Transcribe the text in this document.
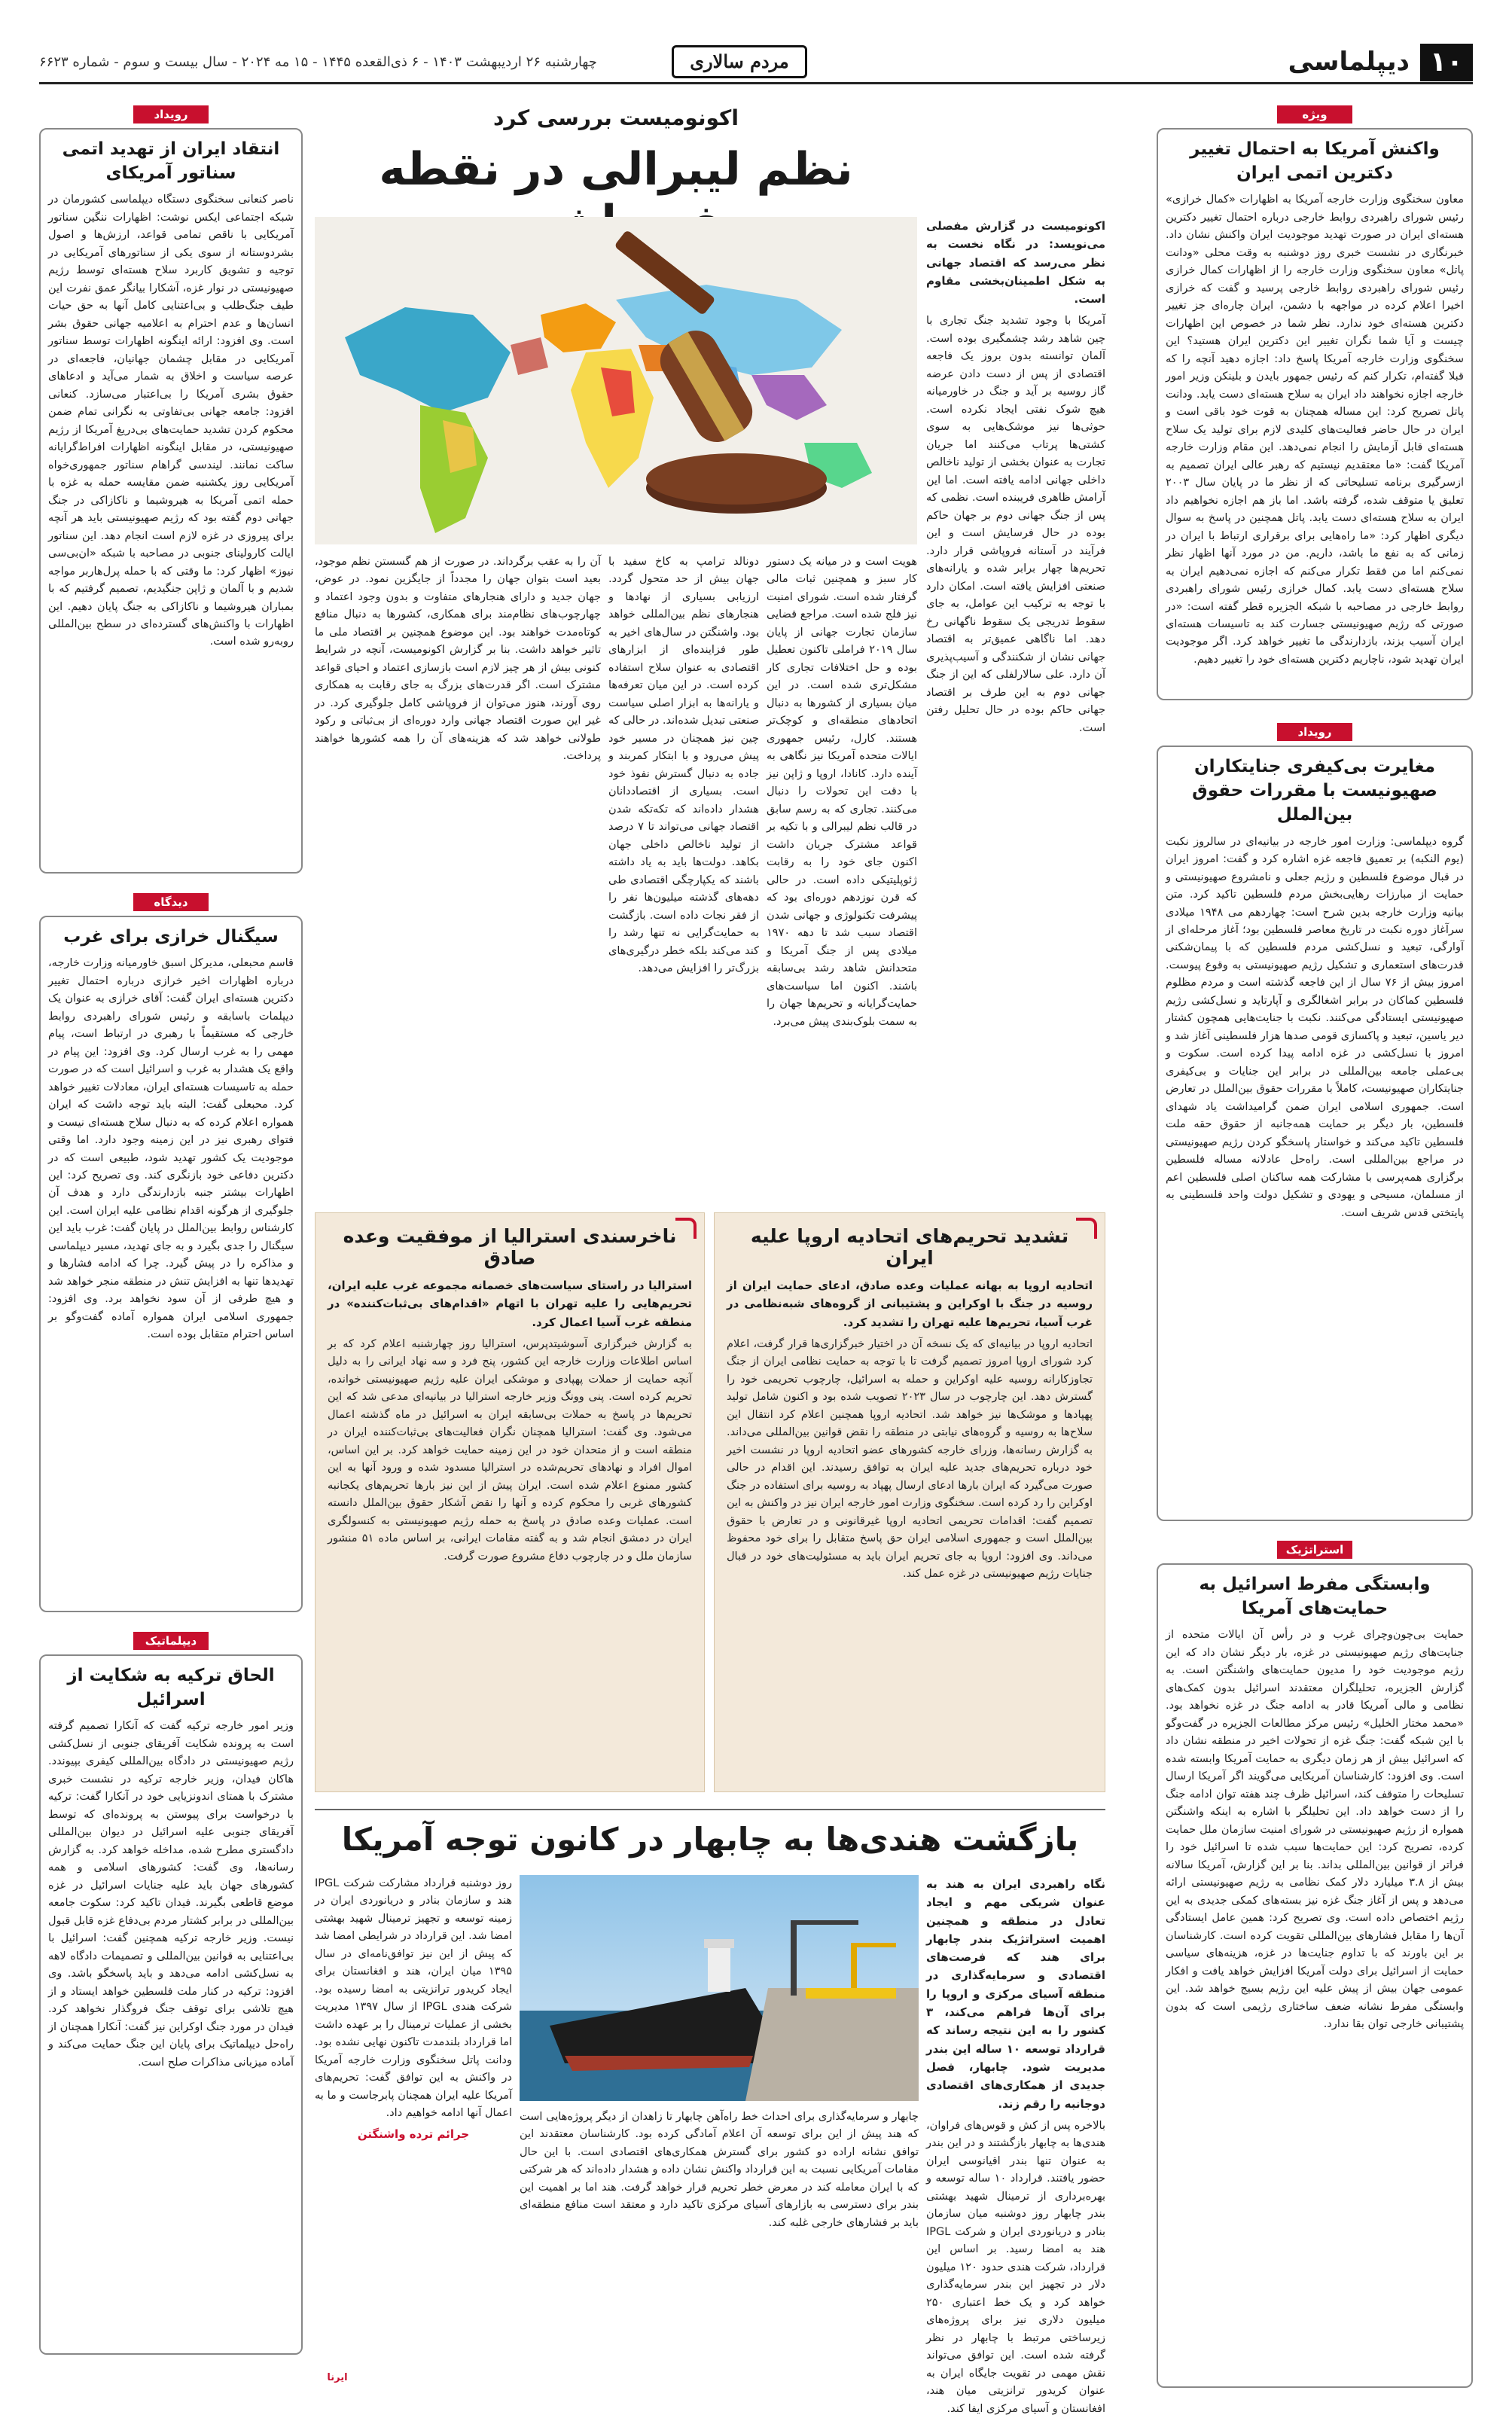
۱۰
دیپلماسی
مردم سالاری
چهارشنبه ۲۶ اردیبهشت ۱۴۰۳ - ۶ ذی‌القعده ۱۴۴۵ - ۱۵ مه ۲۰۲۴ - سال بیست و سوم - شماره ۶۶۲۳
ویژه
واکنش آمریکا به احتمال تغییر دکترین اتمی ایران

معاون سخنگوی وزارت خارجه آمریکا به اظهارات «کمال خرازی» رئیس شورای راهبردی روابط خارجی درباره احتمال تغییر دکترین هسته‌ای ایران در صورت تهدید موجودیت ایران واکنش نشان داد. خبرنگاری در نشست خبری روز دوشنبه به وقت محلی «ودانت پاتل» معاون سخنگوی وزارت خارجه را از اظهارات کمال خرازی رئیس شورای راهبردی روابط خارجی پرسید و گفت که خرازی اخیرا اعلام کرده در مواجهه با دشمن، ایران چاره‌ای جز تغییر دکترین هسته‌ای خود ندارد. نظر شما در خصوص این اظهارات چیست و آیا شما نگران تغییر این دکترین ایران هستید؟ این سخنگوی وزارت خارجه آمریکا پاسخ داد: اجازه دهید آنچه را که قبلا گفته‌ام، تکرار کنم که رئیس جمهور بایدن و بلینکن وزیر امور خارجه اجازه نخواهند داد ایران به سلاح هسته‌ای دست یابد. ودانت پاتل تصریح کرد: این مساله همچنان به قوت خود باقی است و ایران در حال حاضر فعالیت‌های کلیدی لازم برای تولید یک سلاح هسته‌ای قابل آزمایش را انجام نمی‌دهد. این مقام وزارت خارجه آمریکا گفت: «ما معتقدیم نیستیم که رهبر عالی ایران تصمیم به ازسرگیری برنامه تسلیحاتی که از نظر ما در پایان سال ۲۰۰۳ تعلیق یا متوقف شده، گرفته باشد. اما باز هم اجازه نخواهیم داد ایران به سلاح هسته‌ای دست یابد. پاتل همچنین در پاسخ به سوال دیگری اظهار کرد: «ما راه‌هایی برای برقراری ارتباط با ایران در زمانی که به نفع ما باشد، داریم. من در مورد آنها اظهار نظر نمی‌کنم اما من فقط تکرار می‌کنم که اجازه نمی‌دهیم ایران به سلاح هسته‌ای دست یابد. کمال خرازی رئیس شورای راهبردی روابط خارجی در مصاحبه با شبکه الجزیره قطر گفته است: «در صورتی که رژیم صهیونیستی جسارت کند به تاسیسات هسته‌ای ایران آسیب بزند، بازدارندگی ما تغییر خواهد کرد. اگر موجودیت ایران تهدید شود، ناچاریم دکترین هسته‌ای خود را تغییر دهیم.

رویداد
مغایرت بی‌کیفری جنایتکاران صهیونیست با مقررات حقوق بین‌الملل

گروه دیپلماسی: وزارت امور خارجه در بیانیه‌ای در سالروز نکبت (یوم النکبه) بر تعمیق فاجعه غزه اشاره کرد و گفت: امروز ایران در قبال موضوع فلسطین و رژیم جعلی و نامشروع صهیونیستی و حمایت از مبارزات رهایی‌بخش مردم فلسطین تاکید کرد. متن بیانیه وزارت خارجه بدین شرح است: چهاردهم می ۱۹۴۸ میلادی سرآغاز دوره نکبت در تاریخ معاصر فلسطین بود؛ آغاز مرحله‌ای از آوارگی، تبعید و نسل‌کشی مردم فلسطین که با پیمان‌شکنی قدرت‌های استعماری و تشکیل رژیم صهیونیستی به وقوع پیوست. امروز بیش از ۷۶ سال از این فاجعه گذشته است و مردم مظلوم فلسطین کماکان در برابر اشغالگری و آپارتاید و نسل‌کشی رژیم صهیونیستی ایستادگی می‌کنند. نکبت با جنایت‌هایی همچون کشتار دیر یاسین، تبعید و پاکسازی قومی صدها هزار فلسطینی آغاز شد و امروز با نسل‌کشی در غزه ادامه پیدا کرده است. سکوت و بی‌عملی جامعه بین‌المللی در برابر این جنایات و بی‌کیفری جنایتکاران صهیونیست، کاملاً با مقررات حقوق بین‌الملل در تعارض است. جمهوری اسلامی ایران ضمن گرامیداشت یاد شهدای فلسطین، بار دیگر بر حمایت همه‌جانبه از حقوق حقه ملت فلسطین تاکید می‌کند و خواستار پاسخگو کردن رژیم صهیونیستی در مراجع بین‌المللی است. راه‌حل عادلانه مساله فلسطین برگزاری همه‌پرسی با مشارکت همه ساکنان اصلی فلسطین اعم از مسلمان، مسیحی و یهودی و تشکیل دولت واحد فلسطینی به پایتختی قدس شریف است.

استراتژیک
وابستگی مفرط اسرائیل به حمایت‌های آمریکا

حمایت بی‌چون‌وچرای غرب و در رأس آن ایالات متحده از جنایت‌های رژیم صهیونیستی در غزه، بار دیگر نشان داد که این رژیم موجودیت خود را مدیون حمایت‌های واشنگتن است. به گزارش الجزیره، تحلیلگران معتقدند اسرائیل بدون کمک‌های نظامی و مالی آمریکا قادر به ادامه جنگ در غزه نخواهد بود. «محمد مختار الخلیل» رئیس مرکز مطالعات الجزیره در گفت‌وگو با این شبکه گفت: جنگ غزه از تحولات اخیر در منطقه نشان داد که اسرائیل بیش از هر زمان دیگری به حمایت آمریکا وابسته شده است. وی افزود: کارشناسان آمریکایی می‌گویند اگر آمریکا ارسال تسلیحات را متوقف کند، اسرائیل ظرف چند هفته توان ادامه جنگ را از دست خواهد داد. این تحلیلگر با اشاره به اینکه واشنگتن همواره از رژیم صهیونیستی در شورای امنیت سازمان ملل حمایت کرده، تصریح کرد: این حمایت‌ها سبب شده تا اسرائیل خود را فراتر از قوانین بین‌المللی بداند. بنا بر این گزارش، آمریکا سالانه بیش از ۳.۸ میلیارد دلار کمک نظامی به رژیم صهیونیستی ارائه می‌دهد و پس از آغاز جنگ غزه نیز بسته‌های کمکی جدیدی به این رژیم اختصاص داده است. وی تصریح کرد: همین عامل ایستادگی آن‌ها را مقابل فشارهای بین‌المللی تقویت کرده است. کارشناسان بر این باورند که با تداوم جنایت‌ها در غزه، هزینه‌های سیاسی حمایت از اسرائیل برای دولت آمریکا افزایش خواهد یافت و افکار عمومی جهان بیش از پیش علیه این رژیم بسیج خواهد شد. این وابستگی مفرط نشانه ضعف ساختاری رژیمی است که بدون پشتیبانی خارجی توان بقا ندارد.

اکونومیست بررسی کرد
نظم لیبرالی در نقطه

اکونومیست در گزارش مفصلی می‌نویسد: در نگاه نخست به نظر می‌رسد که اقتصاد جهانی به شکل اطمینان‌بخشی مقاوم است.

آمریکا با وجود تشدید جنگ تجاری با چین شاهد رشد چشمگیری بوده است. آلمان توانسته بدون بروز یک فاجعه اقتصادی از پس از دست دادن عرضه گاز روسیه بر آید و جنگ در خاورمیانه هیچ شوک نفتی ایجاد نکرده است. حوثی‌ها نیز موشک‌هایی به سوی کشتی‌ها پرتاب می‌کنند اما جریان تجارت به عنوان بخشی از تولید ناخالص داخلی جهانی ادامه یافته است. اما این آرامش ظاهری فریبنده است. نظمی که پس از جنگ جهانی دوم بر جهان حاکم بوده در حال فرسایش است و این فرآیند در آستانه فروپاشی قرار دارد. تحریم‌ها چهار برابر شده و یارانه‌های صنعتی افزایش یافته است. امکان دارد با توجه به ترکیب این عوامل، به جای سقوط تدریجی یک سقوط ناگهانی رخ دهد. اما ناگاهی عمیق‌تر به اقتصاد جهانی نشان از شکنندگی و آسیب‌پذیری آن دارد. علی سالارلفلی که این از جنگ جهانی دوم به این طرف بر اقتصاد جهانی حاکم بوده در حال تحلیل رفتن است.

هویت است و در میانه یک دستور کار سبز و همچنین ثبات مالی گرفتار شده است. شورای امنیت نیز فلج شده است. مراجع قضایی سازمان تجارت جهانی از پایان سال ۲۰۱۹ فراملی تاکنون تعطیل بوده و حل اختلافات تجاری کار مشکل‌تری شده است. در این میان بسیاری از کشورها به دنبال اتحادهای منطقه‌ای و کوچک‌تر هستند. کارل، رئیس جمهوری ایالات متحده آمریکا نیز نگاهی به آینده دارد. کانادا، اروپا و ژاپن نیز با دقت این تحولات را دنبال می‌کنند. تجاری که به رسم سابق در قالب نظم لیبرالی و با تکیه بر قواعد مشترک جریان داشت اکنون جای خود را به رقابت ژئوپلیتیکی داده است. در حالی که قرن نوزدهم دوره‌ای بود که پیشرفت تکنولوژی و جهانی شدن اقتصاد سبب شد تا دهه ۱۹۷۰ میلادی پس از جنگ آمریکا و متحدانش شاهد رشد بی‌سابقه باشند. اکنون اما سیاست‌های حمایت‌گرایانه و تحریم‌ها جهان را به سمت بلوک‌بندی پیش می‌برد.

دونالد ترامپ به کاخ سفید با جهان بیش از حد متحول گردد. ارزیابی بسیاری از نهادها و هنجارهای نظم بین‌المللی خواهد بود. واشنگتن در سال‌های اخیر به طور فزاینده‌ای از ابزارهای اقتصادی به عنوان سلاح استفاده کرده است. در این میان تعرفه‌ها و یارانه‌ها به ابزار اصلی سیاست صنعتی تبدیل شده‌اند. در حالی که چین نیز همچنان در مسیر خود پیش می‌رود و با ابتکار کمربند و جاده به دنبال گسترش نفوذ خود است. بسیاری از اقتصاددانان هشدار داده‌اند که تکه‌تکه شدن اقتصاد جهانی می‌تواند تا ۷ درصد از تولید ناخالص داخلی جهان بکاهد. دولت‌ها باید به یاد داشته باشند که یکپارچگی اقتصادی طی دهه‌های گذشته میلیون‌ها نفر را از فقر نجات داده است. بازگشت به حمایت‌گرایی نه تنها رشد را کند می‌کند بلکه خطر درگیری‌های بزرگ‌تر را افزایش می‌دهد.

آن را به عقب برگرداند. در صورت از هم گسستن نظم موجود، بعید است بتوان جهان را مجدداً از جایگزین نمود. در عوض، جهان جدید و دارای هنجارهای متفاوت و بدون وجود اعتماد و چهارچوب‌های نظام‌مند برای همکاری، کشورها به دنبال منافع کوتاه‌مدت خواهند بود. این موضوع همچنین بر اقتصاد ملی ما تاثیر خواهد داشت. بنا بر گزارش اکونومیست، آنچه در شرایط کنونی بیش از هر چیز لازم است بازسازی اعتماد و احیای قواعد مشترک است. اگر قدرت‌های بزرگ به جای رقابت به همکاری روی آورند، هنوز می‌توان از فروپاشی کامل جلوگیری کرد. در غیر این صورت اقتصاد جهانی وارد دوره‌ای از بی‌ثباتی و رکود طولانی خواهد شد که هزینه‌های آن را همه کشورها خواهند پرداخت.

تشدید تحریم‌های اتحادیه اروپا علیه ایران

اتحادیه اروپا به بهانه عملیات وعده صادق، ادعای حمایت ایران از روسیه در جنگ با اوکراین و پشتیبانی از گروه‌های شبه‌نظامی در غرب آسیا، تحریم‌ها علیه تهران را تشدید کرد.

اتحادیه اروپا در بیانیه‌ای که یک نسخه آن در اختیار خبرگزاری‌ها قرار گرفت، اعلام کرد شورای اروپا امروز تصمیم گرفت تا با توجه به حمایت نظامی ایران از جنگ تجاوزکارانه روسیه علیه اوکراین و حمله به اسرائیل، چارچوب تحریمی خود را گسترش دهد. این چارچوب در سال ۲۰۲۳ تصویب شده بود و اکنون شامل تولید پهپادها و موشک‌ها نیز خواهد شد. اتحادیه اروپا همچنین اعلام کرد انتقال این سلاح‌ها به روسیه و گروه‌های نیابتی در منطقه را نقض قوانین بین‌المللی می‌داند. به گزارش رسانه‌ها، وزرای خارجه کشورهای عضو اتحادیه اروپا در نشست اخیر خود درباره تحریم‌های جدید علیه ایران به توافق رسیدند. این اقدام در حالی صورت می‌گیرد که ایران بارها ادعای ارسال پهپاد به روسیه برای استفاده در جنگ اوکراین را رد کرده است. سخنگوی وزارت امور خارجه ایران نیز در واکنش به این تصمیم گفت: اقدامات تحریمی اتحادیه اروپا غیرقانونی و در تعارض با حقوق بین‌الملل است و جمهوری اسلامی ایران حق پاسخ متقابل را برای خود محفوظ می‌داند. وی افزود: اروپا به جای تحریم ایران باید به مسئولیت‌های خود در قبال جنایات رژیم صهیونیستی در غزه عمل کند.

ناخرسندی استرالیا از موفقیت وعده صادق

استرالیا در راستای سیاست‌های خصمانه مجموعه غرب علیه ایران، تحریم‌هایی را علیه تهران با اتهام «اقدام‌های بی‌ثبات‌کننده» در منطقه غرب آسیا اعمال کرد.

به گزارش خبرگزاری آسوشیتدپرس، استرالیا روز چهارشنبه اعلام کرد که بر اساس اطلاعات وزارت خارجه این کشور، پنج فرد و سه نهاد ایرانی را به دلیل آنچه حمایت از حملات پهپادی و موشکی ایران علیه رژیم صهیونیستی خوانده، تحریم کرده است. پنی وونگ وزیر خارجه استرالیا در بیانیه‌ای مدعی شد که این تحریم‌ها در پاسخ به حملات بی‌سابقه ایران به اسرائیل در ماه گذشته اعمال می‌شود. وی گفت: استرالیا همچنان نگران فعالیت‌های بی‌ثبات‌کننده ایران در منطقه است و از متحدان خود در این زمینه حمایت خواهد کرد. بر این اساس، اموال افراد و نهادهای تحریم‌شده در استرالیا مسدود شده و ورود آنها به این کشور ممنوع اعلام شده است. ایران پیش از این نیز بارها تحریم‌های یکجانبه کشورهای غربی را محکوم کرده و آنها را نقض آشکار حقوق بین‌الملل دانسته است. عملیات وعده صادق در پاسخ به حمله رژیم صهیونیستی به کنسولگری ایران در دمشق انجام شد و به گفته مقامات ایرانی، بر اساس ماده ۵۱ منشور سازمان ملل و در چارچوب دفاع مشروع صورت گرفت.

رویداد
انتقاد ایران از تهدید اتمی سناتور آمریکای

ناصر کنعانی سخنگوی دستگاه دیپلماسی کشورمان در شبکه اجتماعی ایکس نوشت: اظهارات ننگین سناتور آمریکایی با ناقص تمامی قواعد، ارزش‌ها و اصول بشردوستانه از سوی یکی از سناتورهای آمریکایی در توجیه و تشویق کاربرد سلاح هسته‌ای توسط رژیم صهیونیستی در نوار غزه، آشکارا بیانگر عمق نفرت این طیف جنگ‌طلب و بی‌اعتنایی کامل آنها به حق حیات انسان‌ها و عدم احترام به اعلامیه جهانی حقوق بشر است. وی افزود: ارائه اینگونه اظهارات توسط سناتور آمریکایی در مقابل چشمان جهانیان، فاجعه‌ای در عرصه سیاست و اخلاق به شمار می‌آید و ادعاهای حقوق بشری آمریکا را بی‌اعتبار می‌سازد. کنعانی افزود: جامعه جهانی بی‌تفاوتی به نگرانی تمام ضمن محکوم کردن تشدید حمایت‌های بی‌دریغ آمریکا از رژیم صهیونیستی، در مقابل اینگونه اظهارات افراط‌گرایانه ساکت نمانند. لیندسی گراهام سناتور جمهوری‌خواه آمریکایی روز یکشنبه ضمن مقایسه حمله به غزه با حمله اتمی آمریکا به هیروشیما و ناکازاکی در جنگ جهانی دوم گفته بود که رژیم صهیونیستی باید هر آنچه برای پیروزی در غزه لازم است انجام دهد. این سناتور ایالت کارولینای جنوبی در مصاحبه با شبکه «ان‌بی‌سی نیوز» اظهار کرد: ما وقتی که با حمله پرل‌هاربر مواجه شدیم و با آلمان و ژاپن جنگیدیم، تصمیم گرفتیم که با بمباران هیروشیما و ناکازاکی به جنگ پایان دهیم. این اظهارات با واکنش‌های گسترده‌ای در سطح بین‌المللی روبه‌رو شده است.

دیدگاه
سیگنال خرازی برای غرب

قاسم محبعلی، مدیرکل اسبق خاورمیانه وزارت خارجه، درباره اظهارات اخیر خرازی درباره احتمال تغییر دکترین هسته‌ای ایران گفت: آقای خرازی به عنوان یک دیپلمات باسابقه و رئیس شورای راهبردی روابط خارجی که مستقیماً با رهبری در ارتباط است، پیام مهمی را به غرب ارسال کرد. وی افزود: این پیام در واقع یک هشدار به غرب و اسرائیل است که در صورت حمله به تاسیسات هسته‌ای ایران، معادلات تغییر خواهد کرد. محبعلی گفت: البته باید توجه داشت که ایران همواره اعلام کرده که به دنبال سلاح هسته‌ای نیست و فتوای رهبری نیز در این زمینه وجود دارد. اما وقتی موجودیت یک کشور تهدید شود، طبیعی است که در دکترین دفاعی خود بازنگری کند. وی تصریح کرد: این اظهارات بیشتر جنبه بازدارندگی دارد و هدف آن جلوگیری از هرگونه اقدام نظامی علیه ایران است. این کارشناس روابط بین‌الملل در پایان گفت: غرب باید این سیگنال را جدی بگیرد و به جای تهدید، مسیر دیپلماسی و مذاکره را در پیش گیرد. چرا که ادامه فشارها و تهدیدها تنها به افزایش تنش در منطقه منجر خواهد شد و هیچ طرفی از آن سود نخواهد برد. وی افزود: جمهوری اسلامی ایران همواره آماده گفت‌وگو بر اساس احترام متقابل بوده است.

دیپلماتیک
الحاق ترکیه به شکایت از اسرائیل

وزیر امور خارجه ترکیه گفت که آنکارا تصمیم گرفته است به پرونده شکایت آفریقای جنوبی از نسل‌کشی رژیم صهیونیستی در دادگاه بین‌المللی کیفری بپیوندد. هاکان فیدان، وزیر خارجه ترکیه در نشست خبری مشترک با همتای اندونزیایی خود در آنکارا گفت: ترکیه با درخواست برای پیوستن به پرونده‌ای که توسط آفریقای جنوبی علیه اسرائیل در دیوان بین‌المللی دادگستری مطرح شده، مداخله خواهد کرد. به گزارش رسانه‌ها، وی گفت: کشورهای اسلامی و همه کشورهای جهان باید علیه جنایات اسرائیل در غزه موضع قاطعی بگیرند. فیدان تاکید کرد: سکوت جامعه بین‌المللی در برابر کشتار مردم بی‌دفاع غزه قابل قبول نیست. وزیر خارجه ترکیه همچنین گفت: اسرائیل با بی‌اعتنایی به قوانین بین‌المللی و تصمیمات دادگاه لاهه به نسل‌کشی ادامه می‌دهد و باید پاسخگو باشد. وی افزود: ترکیه در کنار ملت فلسطین خواهد ایستاد و از هیچ تلاشی برای توقف جنگ فروگذار نخواهد کرد. فیدان در مورد جنگ اوکراین نیز گفت: آنکارا همچنان از راه‌حل دیپلماتیک برای پایان این جنگ حمایت می‌کند و آماده میزبانی مذاکرات صلح است.

بازگشت هندی‌ها به چابهار در کانون توجه آمریکا

نگاه راهبردی ایران به هند به عنوان شریکی مهم و ایجاد تعادل در منطقه و همچنین اهمیت استراتژیک بندر چابهار برای هند که فرصت‌های اقتصادی و سرمایه‌گذاری در منطقه آسیای مرکزی و اروپا را برای آن‌ها فراهم می‌کند، ۳ کشور را به این نتیجه رساند که قرارداد توسعه ۱۰ ساله این بندر مدیریت شود. چابهار، فصل جدیدی از همکاری‌های اقتصادی دوجانبه را رقم زند.

بالاخره پس از کش و قوس‌های فراوان، هندی‌ها به چابهار بازگشتند و در این بندر به عنوان تنها بندر اقیانوسی ایران حضور یافتند. قرارداد ۱۰ ساله توسعه و بهره‌برداری از ترمینال شهید بهشتی بندر چابهار روز دوشنبه میان سازمان بنادر و دریانوردی ایران و شرکت IPGL هند به امضا رسید. بر اساس این قرارداد، شرکت هندی حدود ۱۲۰ میلیون دلار در تجهیز این بندر سرمایه‌گذاری خواهد کرد و یک خط اعتباری ۲۵۰ میلیون دلاری نیز برای پروژه‌های زیرساختی مرتبط با چابهار در نظر گرفته شده است. این توافق می‌تواند نقش مهمی در تقویت جایگاه ایران به عنوان کریدور ترانزیتی میان هند، افغانستان و آسیای مرکزی ایفا کند.

چابهار و سرمایه‌گذاری برای احداث خط راه‌آهن چابهار تا زاهدان از دیگر پروژه‌هایی است که هند پیش از این برای توسعه آن اعلام آمادگی کرده بود. کارشناسان معتقدند این توافق نشانه اراده دو کشور برای گسترش همکاری‌های اقتصادی است. با این حال مقامات آمریکایی نسبت به این قرارداد واکنش نشان داده و هشدار داده‌اند که هر شرکتی که با ایران معامله کند در معرض خطر تحریم قرار خواهد گرفت. هند اما بر اهمیت این بندر برای دسترسی به بازارهای آسیای مرکزی تاکید دارد و معتقد است منافع منطقه‌ای باید بر فشارهای خارجی غلبه کند.

روز دوشنبه قرارداد مشارکت شرکت IPGL هند و سازمان بنادر و دریانوردی ایران در زمینه توسعه و تجهیز ترمینال شهید بهشتی امضا شد. این قرارداد در شرایطی امضا شد که پیش از این نیز توافق‌نامه‌ای در سال ۱۳۹۵ میان ایران، هند و افغانستان برای ایجاد کریدور ترانزیتی به امضا رسیده بود. شرکت هندی IPGL از سال ۱۳۹۷ مدیریت بخشی از عملیات ترمینال را بر عهده داشت اما قرارداد بلندمدت تاکنون نهایی نشده بود. ودانت پاتل سخنگوی وزارت خارجه آمریکا در واکنش به این توافق گفت: تحریم‌های آمریکا علیه ایران همچنان پابرجاست و ما به اعمال آنها ادامه خواهیم داد.

جرائم ترده واشنگتن

ایرنا
